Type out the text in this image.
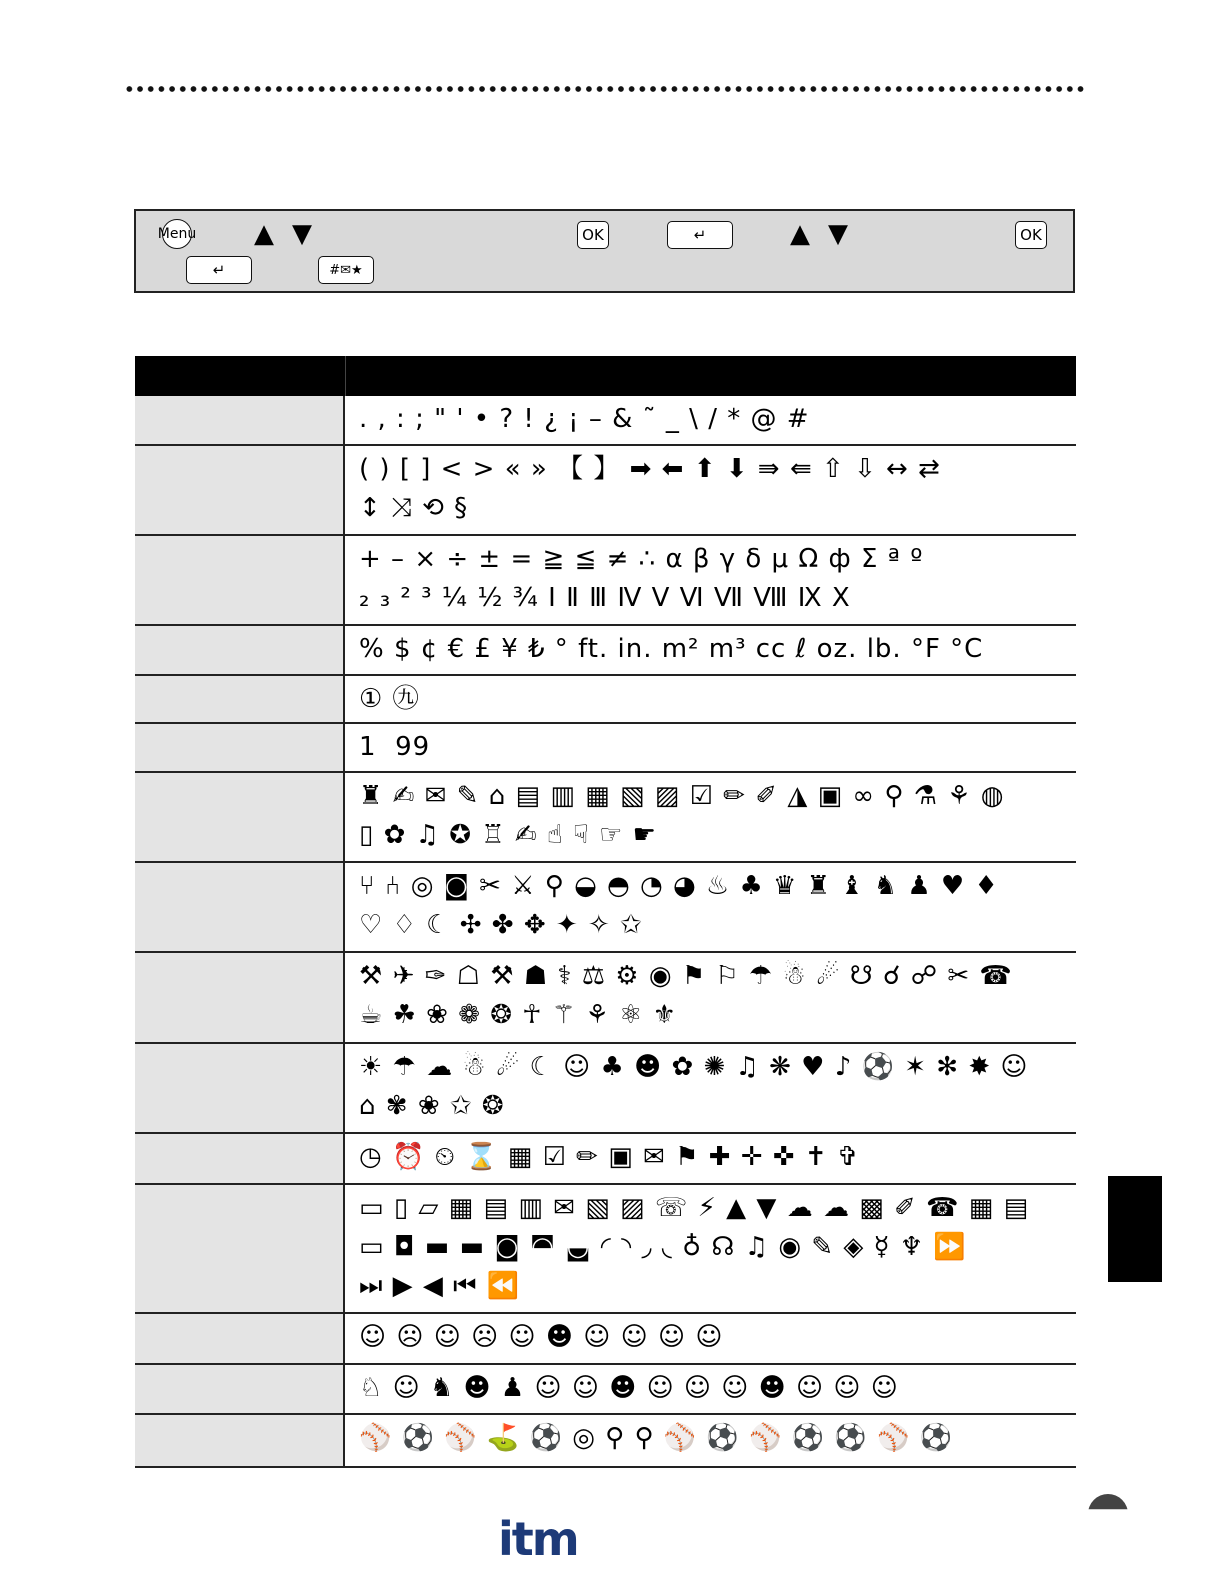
Menu ▲ ▼	OK	↵	▲ ▼	OK
↵	#✉★
. , : ; " ' • ? ! ¿ ¡ – & ˜ _ \ / * @ #
( ) [ ] < > « » 【 】 ➡ ⬅ ⬆ ⬇ ⇛ ⇚ ⇧ ⇩ ↔ ⇄
↕ ⤨ ⟲ §
+ – × ÷ ± = ≧ ≦ ≠ ∴ α β γ δ μ Ω ф Σ ª º
₂ ₃ ² ³ ¼ ½ ¾ Ⅰ Ⅱ Ⅲ Ⅳ Ⅴ Ⅵ Ⅶ Ⅷ Ⅸ Ⅹ
% $ ¢ € £ ¥ ₺ ° ft. in. m² m³ cc ℓ oz. lb. °F °C
① ㊈
1  99
♜ ✍ ✉ ✎ ⌂ ▤ ▥ ▦ ▧ ▨ ☑ ✏ ✐ ◮ ▣ ∞ ⚲ ⚗ ⚘ ◍
▯ ✿ ♫ ✪ ♖ ✍ ☝ ☟ ☞ ☛
⑂ ⑃ ◎ ◙ ✂ ⚔ ⚲ ◒ ◓ ◔ ◕ ♨ ♣ ♛ ♜ ♝ ♞ ♟ ♥ ♦
♡ ♢ ☾ ✣ ✤ ✥ ✦ ✧ ✩
⚒ ✈ ✑ ☖ ⚒ ☗ ⚕ ⚖ ⚙ ◉ ⚑ ⚐ ☂ ☃ ☄ ☋ ☌ ☍ ✂ ☎
☕ ☘ ❀ ❁ ❂ ☥ ⚚ ⚘ ⚛ ⚜
☀ ☂ ☁ ☃ ☄ ☾ ☺ ♣ ☻ ✿ ✺ ♫ ❋ ♥ ♪ ⚽ ✶ ✻ ✸ ☺
⌂ ✾ ❀ ✩ ❂
◷ ⏰ ⏲ ⌛ ▦ ☑ ✏ ▣ ✉ ⚑ ✚ ✛ ✜ ✝ ✞
▭ ▯ ▱ ▦ ▤ ▥ ✉ ▧ ▨ ☏ ⚡ ▲ ▼ ☁ ☁ ▩ ✐ ☎ ▦ ▤
▭ ◘ ▬ ▬ ◙ ◚ ◛ ◜ ◝ ◞ ◟ ♁ ☊ ♫ ◉ ✎ ◈ ☿ ♆ ⏩
⏭ ▶ ◀ ⏮ ⏪
☺ ☹ ☺ ☹ ☺ ☻ ☺ ☺ ☺ ☺
♘ ☺ ♞ ☻ ♟ ☺ ☺ ☻ ☺ ☺ ☺ ☻ ☺ ☺ ☺
⚾ ⚽ ⚾ ⛳ ⚽ ◎ ⚲ ⚲ ⚾ ⚽ ⚾ ⚽ ⚽ ⚾ ⚽
itm
